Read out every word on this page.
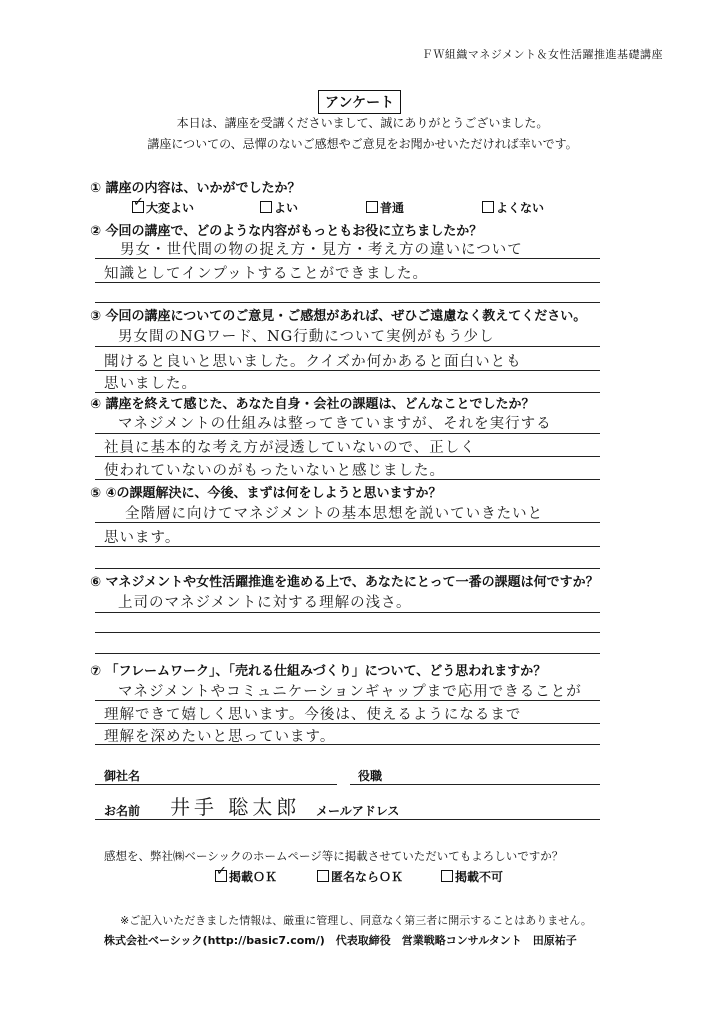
ＦＷ組織マネジメント＆女性活躍推進基礎講座
アンケート
本日は、講座を受講くださいまして、誠にありがとうございました。
講座についての、忌憚のないご感想やご意見をお聞かせいただければ幸いです。
① 講座の内容は、いかがでしたか？
大変よい
✓	よい	普通	よくない
② 今回の講座で、どのような内容がもっともお役に立ちましたか？
男女・世代間の物の捉え方・見方・考え方の違いについて
知識としてインプットすることができました。
③ 今回の講座についてのご意見・ご感想があれば、ぜひご遠慮なく教えてください。
男女間のNGワード、NG行動について実例がもう少し
聞けると良いと思いました。クイズか何かあると面白いとも
思いました。
④ 講座を終えて感じた、あなた自身・会社の課題は、どんなことでしたか？
マネジメントの仕組みは整ってきていますが、それを実行する
社員に基本的な考え方が浸透していないので、正しく
使われていないのがもったいないと感じました。
⑤ ④の課題解決に、今後、まずは何をしようと思いますか？
全階層に向けてマネジメントの基本思想を説いていきたいと
思います。
⑥ マネジメントや女性活躍推進を進める上で、あなたにとって一番の課題は何ですか？
上司のマネジメントに対する理解の浅さ。
⑦ 「フレームワーク」、「売れる仕組みづくり」について、どう思われますか？
マネジメントやコミュニケーションギャップまで応用できることが
理解できて嬉しく思います。今後は、使えるようになるまで
理解を深めたいと思っています。
御社名	役職
お名前 井手 聡太郎 メールアドレス
感想を、弊社㈱ベーシックのホームページ等に掲載させていただいてもよろしいですか？
掲載ＯＫ
✓	匿名ならＯＫ	掲載不可
※ご記入いただきました情報は、厳重に管理し、同意なく第三者に開示することはありません。
株式会社ベーシック(http://basic7.com/)　代表取締役　営業戦略コンサルタント　田原祐子
